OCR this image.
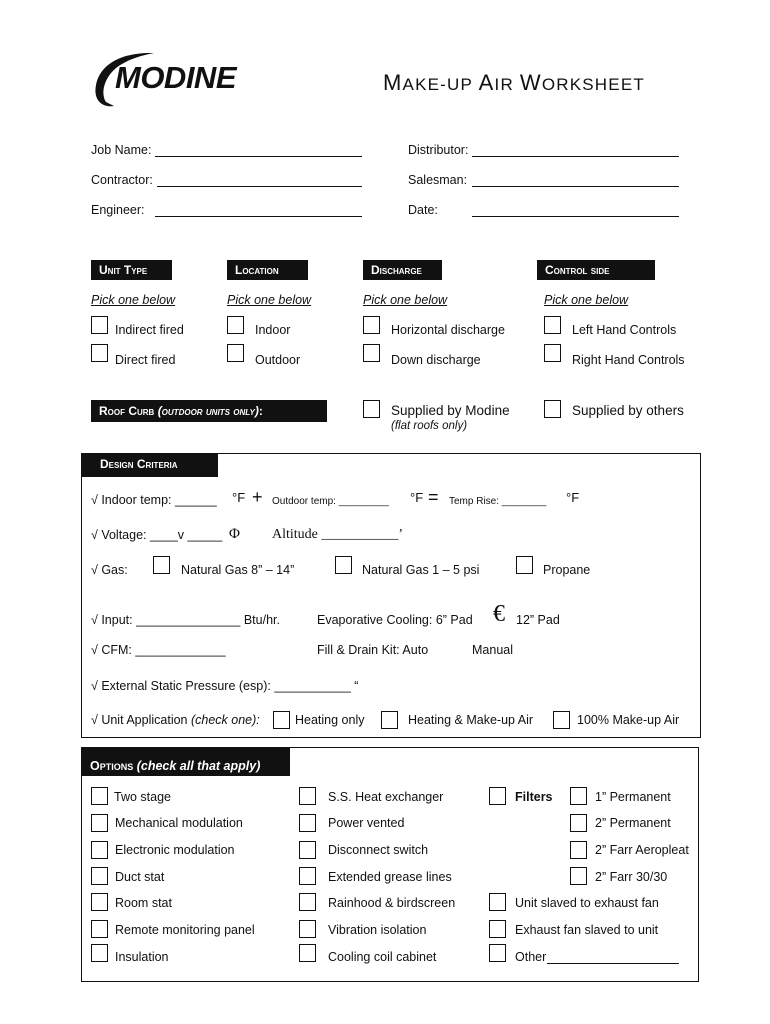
MODINE	MAKE-UP AIR WORKSHEET
Job Name:
Contractor:
Engineer:
Distributor:
Salesman:
Date:
Unit Type	Location	Discharge	Control side
Pick one below	Pick one below	Pick one below	Pick one below
Indirect fired	Indoor	Horizontal discharge	Left Hand Controls
Direct fired	Outdoor	Down discharge	Right Hand Controls
Roof Curb (outdoor units only):	Supplied by Modine
(flat roofs only)
Supplied by others
Design Criteria
√ Indoor temp: ______ °F + Outdoor temp: _________ °F = Temp Rise: ________ °F
√ Voltage: ____v _____ Φ Altitude ___________’
√ Gas:	Natural Gas 8” – 14”	Natural Gas 1 – 5 psi	Propane
√ Input: _______________ Btu/hr.	Evaporative Cooling: 6” Pad € 12” Pad
√ CFM: _____________	Fill & Drain Kit: Auto	Manual
√ External Static Pressure (esp): ___________ “
√ Unit Application (check one):	Heating only	Heating & Make-up Air	100% Make-up Air
Options (check all that apply)
Two stage
Mechanical modulation
Electronic modulation
Duct stat
Room stat
Remote monitoring panel
Insulation
S.S. Heat exchanger
Power vented
Disconnect switch
Extended grease lines
Rainhood & birdscreen
Vibration isolation
Cooling coil cabinet
Filters	1” Permanent
2” Permanent
2” Farr Aeropleat
2” Farr 30/30
Unit slaved to exhaust fan
Exhaust fan slaved to unit
Other
